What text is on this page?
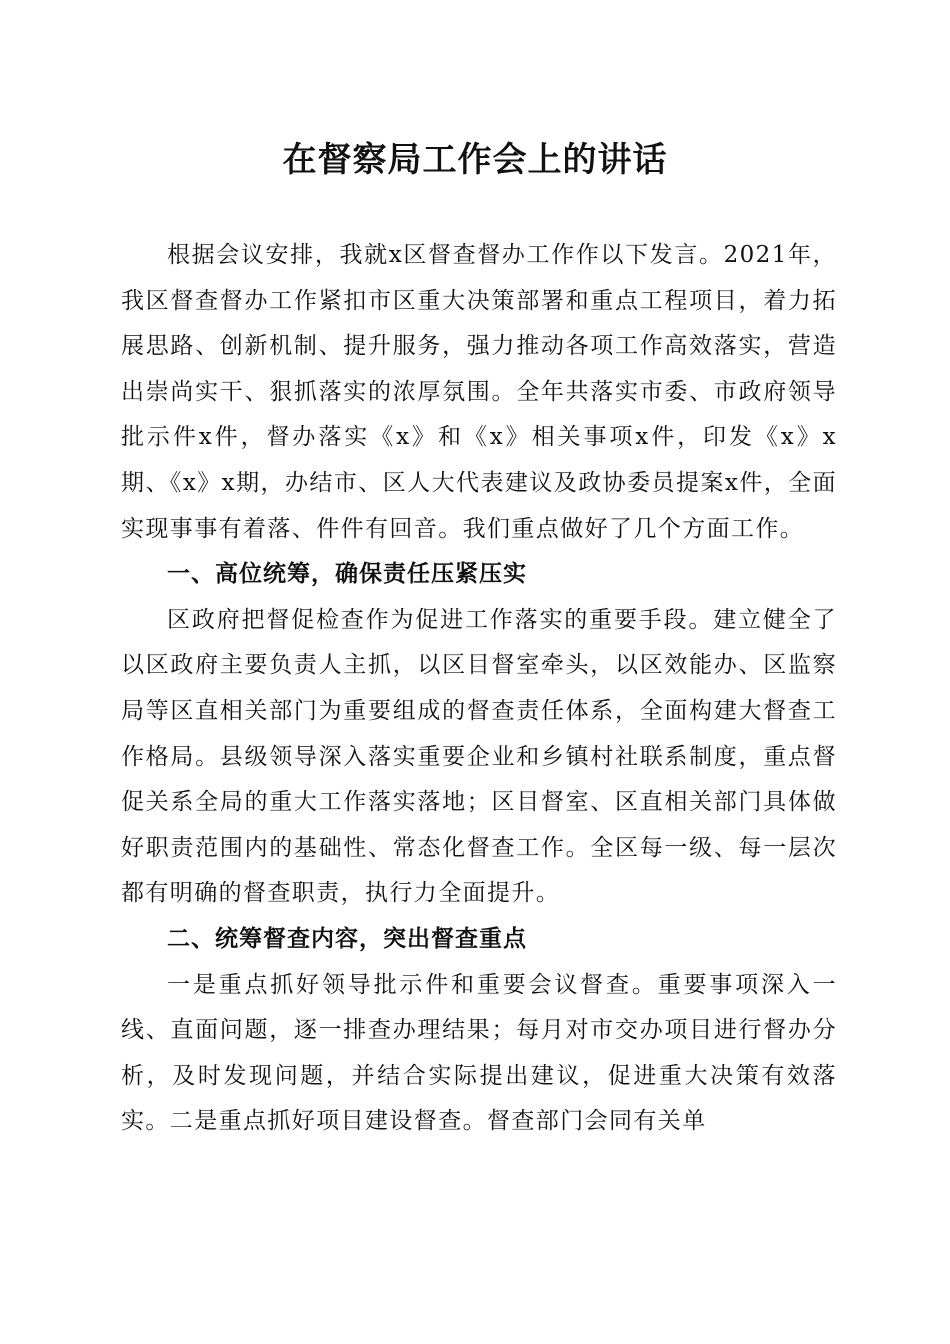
在督察局工作会上的讲话

根据会议安排，我就x区督查督办工作作以下发言。2021年，我区督查督办工作紧扣市区重大决策部署和重点工程项目，着力拓展思路、创新机制、提升服务，强力推动各项工作高效落实，营造出崇尚实干、狠抓落实的浓厚氛围。全年共落实市委、市政府领导批示件x件，督办落实《x》和《x》相关事项x件，印发《x》x期、《x》x期，办结市、区人大代表建议及政协委员提案x件，全面实现事事有着落、件件有回音。我们重点做好了几个方面工作。

一、高位统筹，确保责任压紧压实

区政府把督促检查作为促进工作落实的重要手段。建立健全了以区政府主要负责人主抓，以区目督室牵头，以区效能办、区监察局等区直相关部门为重要组成的督查责任体系，全面构建大督查工作格局。县级领导深入落实重要企业和乡镇村社联系制度，重点督促关系全局的重大工作落实落地；区目督室、区直相关部门具体做好职责范围内的基础性、常态化督查工作。全区每一级、每一层次都有明确的督查职责，执行力全面提升。

二、统筹督查内容，突出督查重点

一是重点抓好领导批示件和重要会议督查。重要事项深入一线、直面问题，逐一排查办理结果；每月对市交办项目进行督办分析，及时发现问题，并结合实际提出建议，促进重大决策有效落实。二是重点抓好项目建设督查。督查部门会同有关单
